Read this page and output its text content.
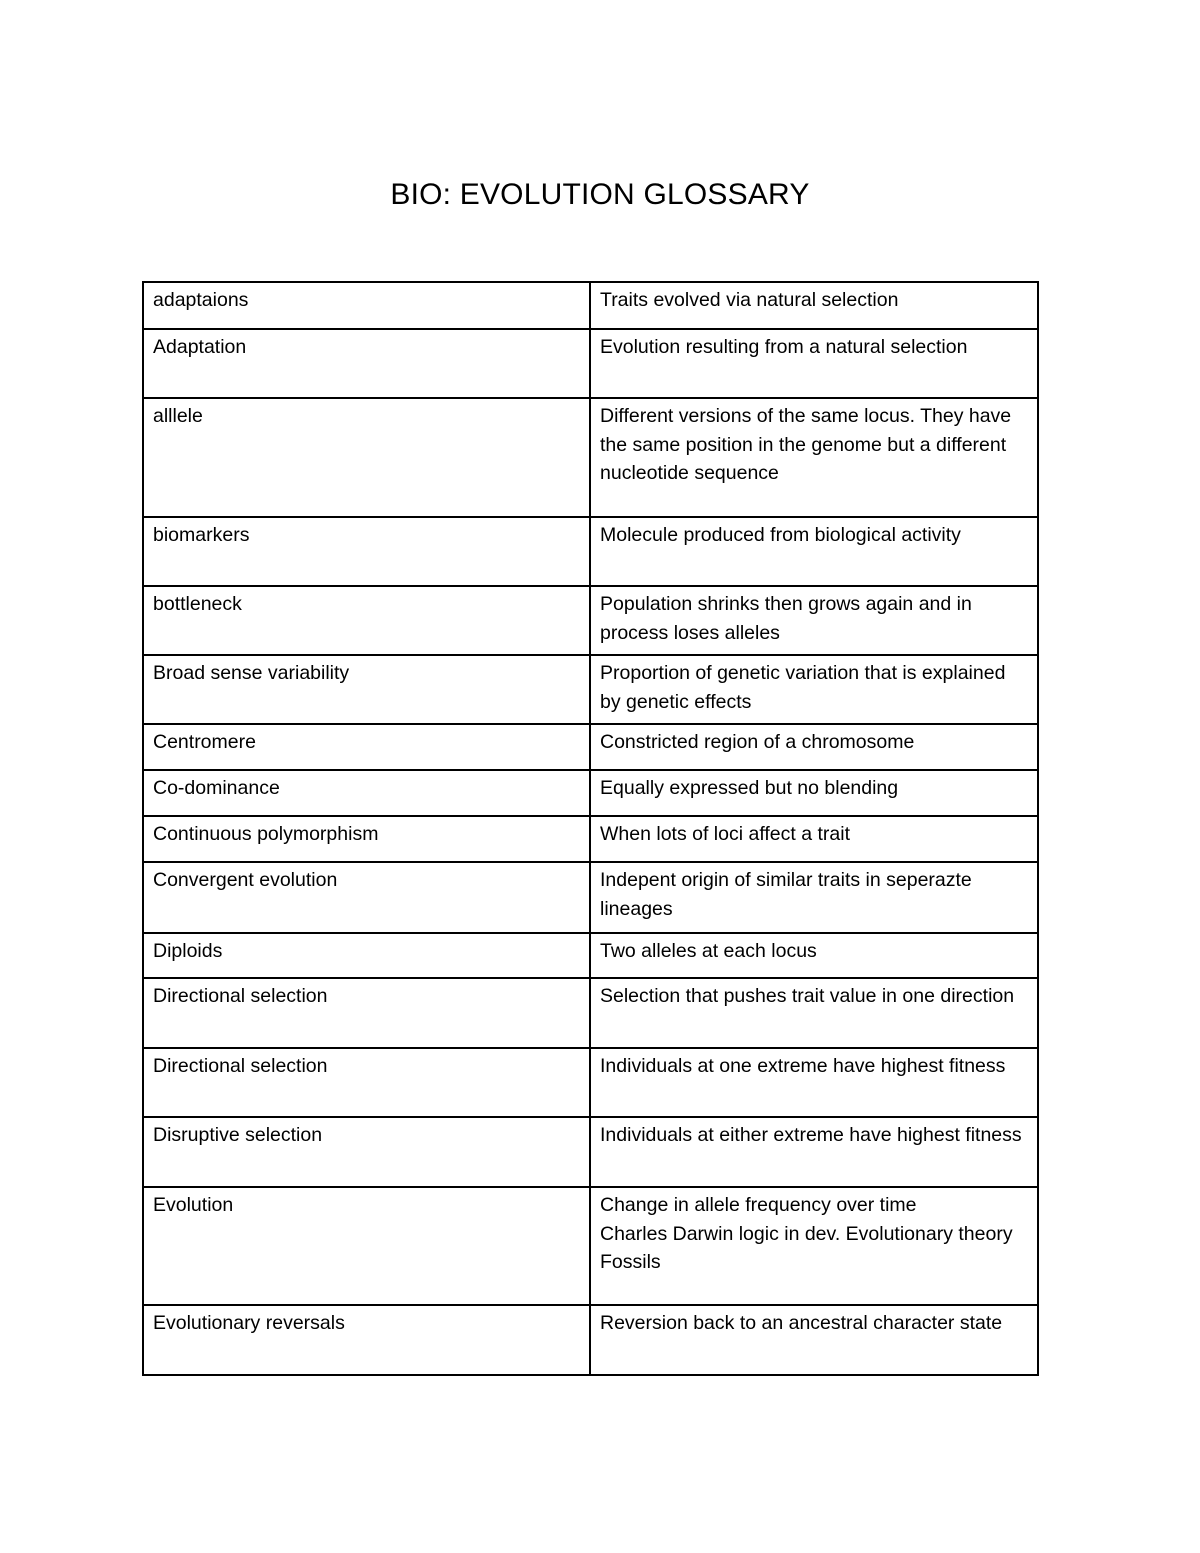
BIO: EVOLUTION GLOSSARY
adaptaions	Traits evolved via natural selection

Adaptation	Evolution resulting from a natural selection

alllele	Different versions of the same locus. They have the same position in the genome but a different nucleotide sequence

biomarkers	Molecule produced from biological activity

bottleneck	Population shrinks then grows again and in process loses alleles

Broad sense variability	Proportion of genetic variation that is explained by genetic effects

Centromere	Constricted region of a chromosome

Co-dominance	Equally expressed but no blending

Continuous polymorphism	When lots of loci affect a trait

Convergent evolution	Indepent origin of similar traits in seperazte lineages

Diploids	Two alleles at each locus

Directional selection	Selection that pushes trait value in one direction

Directional selection	Individuals at one extreme have highest fitness

Disruptive selection	Individuals at either extreme have highest fitness

Evolution	Change in allele frequency over time
Charles Darwin logic in dev. Evolutionary theory
Fossils

Evolutionary reversals	Reversion back to an ancestral character state
